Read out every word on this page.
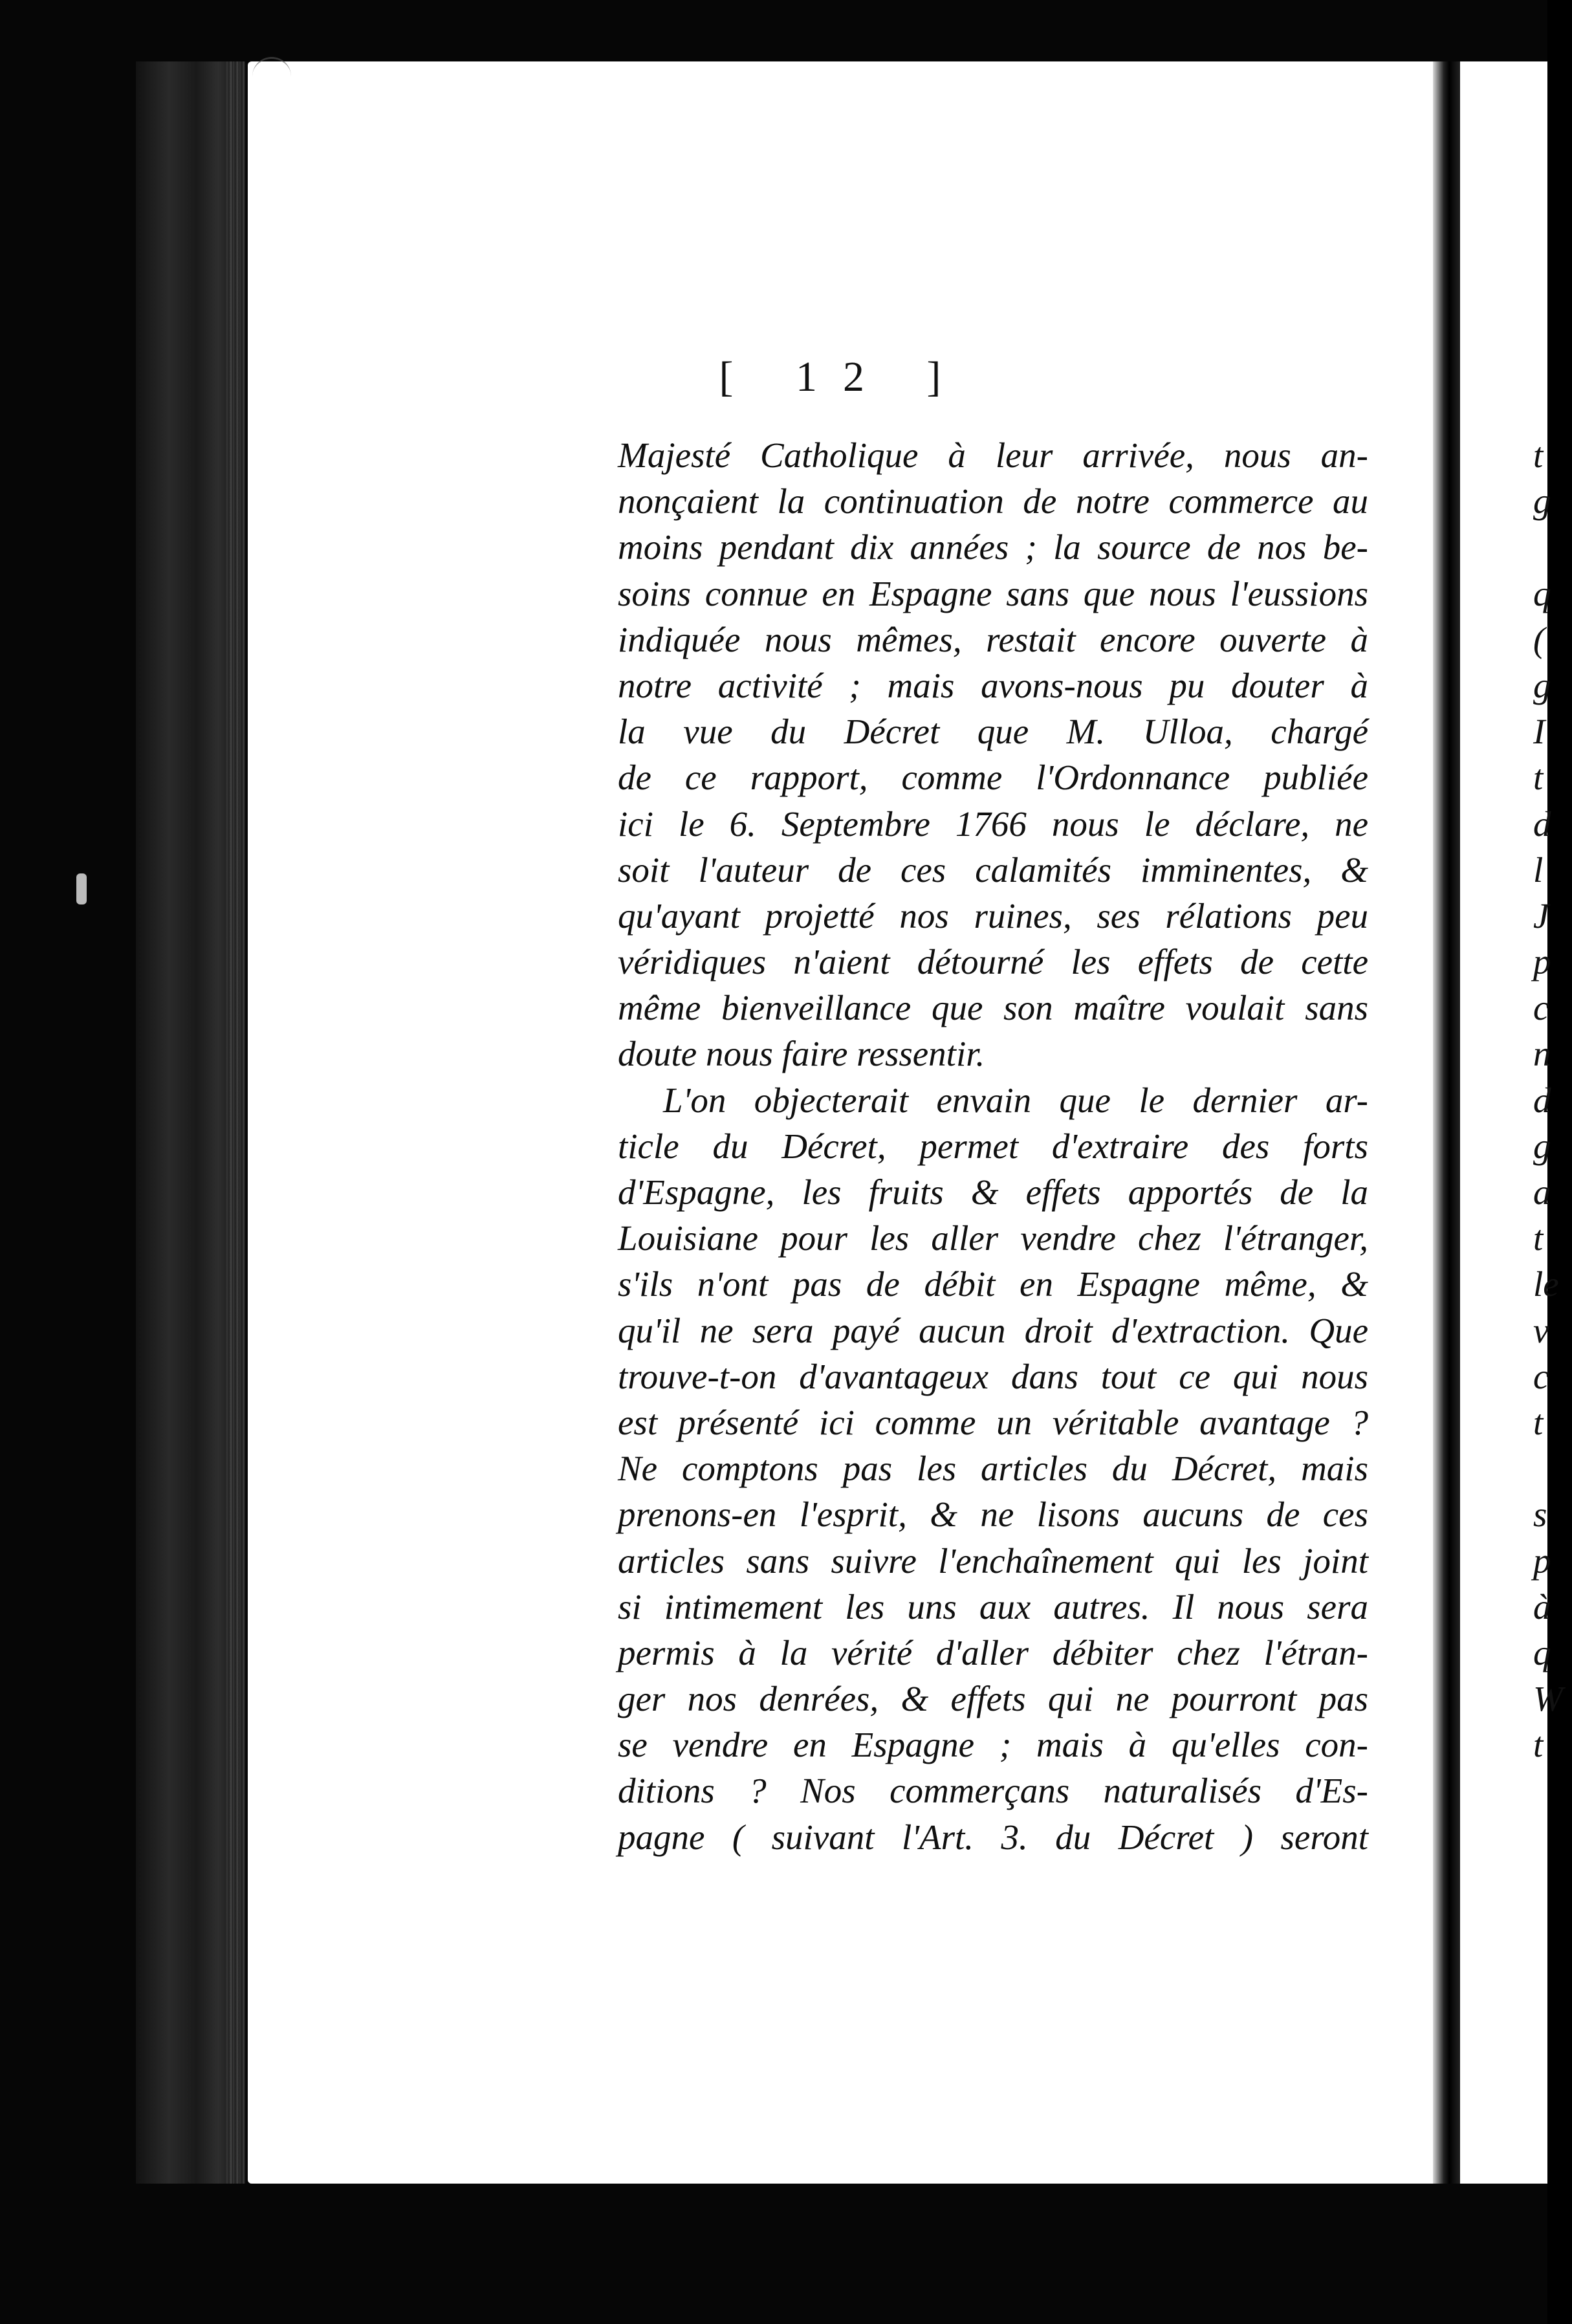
[ 12 ]
Majesté Catholique à leur arrivée, nous an-
nonçaient la continuation de notre commerce au
moins pendant dix années ; la source de nos be-
soins connue en Espagne sans que nous l'eussions
indiquée nous mêmes, restait encore ouverte à
notre activité ; mais avons-nous pu douter à
la vue du Décret que M. Ulloa, chargé
de ce rapport, comme l'Ordonnance publiée
ici le 6. Septembre 1766 nous le déclare, ne
soit l'auteur de ces calamités imminentes, &
qu'ayant projetté nos ruines, ses rélations peu
véridiques n'aient détourné les effets de cette
même bienveillance que son maître voulait sans
doute nous faire ressentir.
L'on objecterait envain que le dernier ar-
ticle du Décret, permet d'extraire des forts
d'Espagne, les fruits & effets apportés de la
Louisiane pour les aller vendre chez l'étranger,
s'ils n'ont pas de débit en Espagne même, &
qu'il ne sera payé aucun droit d'extraction. Que
trouve-t-on d'avantageux dans tout ce qui nous
est présenté ici comme un véritable avantage ?
Ne comptons pas les articles du Décret, mais
prenons-en l'esprit, & ne lisons aucuns de ces
articles sans suivre l'enchaînement qui les joint
si intimement les uns aux autres. Il nous sera
permis à la vérité d'aller débiter chez l'étran-
ger nos denrées, & effets qui ne pourront pas
se vendre en Espagne ; mais à qu'elles con-
ditions ? Nos commerçans naturalisés d'Es-
pagne ( suivant l'Art. 3. du Décret ) seront
t
g
q
(
g
I
t
d
l
J
p
c
n
d
g
a
t
le
v
c
t
s
p
à
q
W
t
